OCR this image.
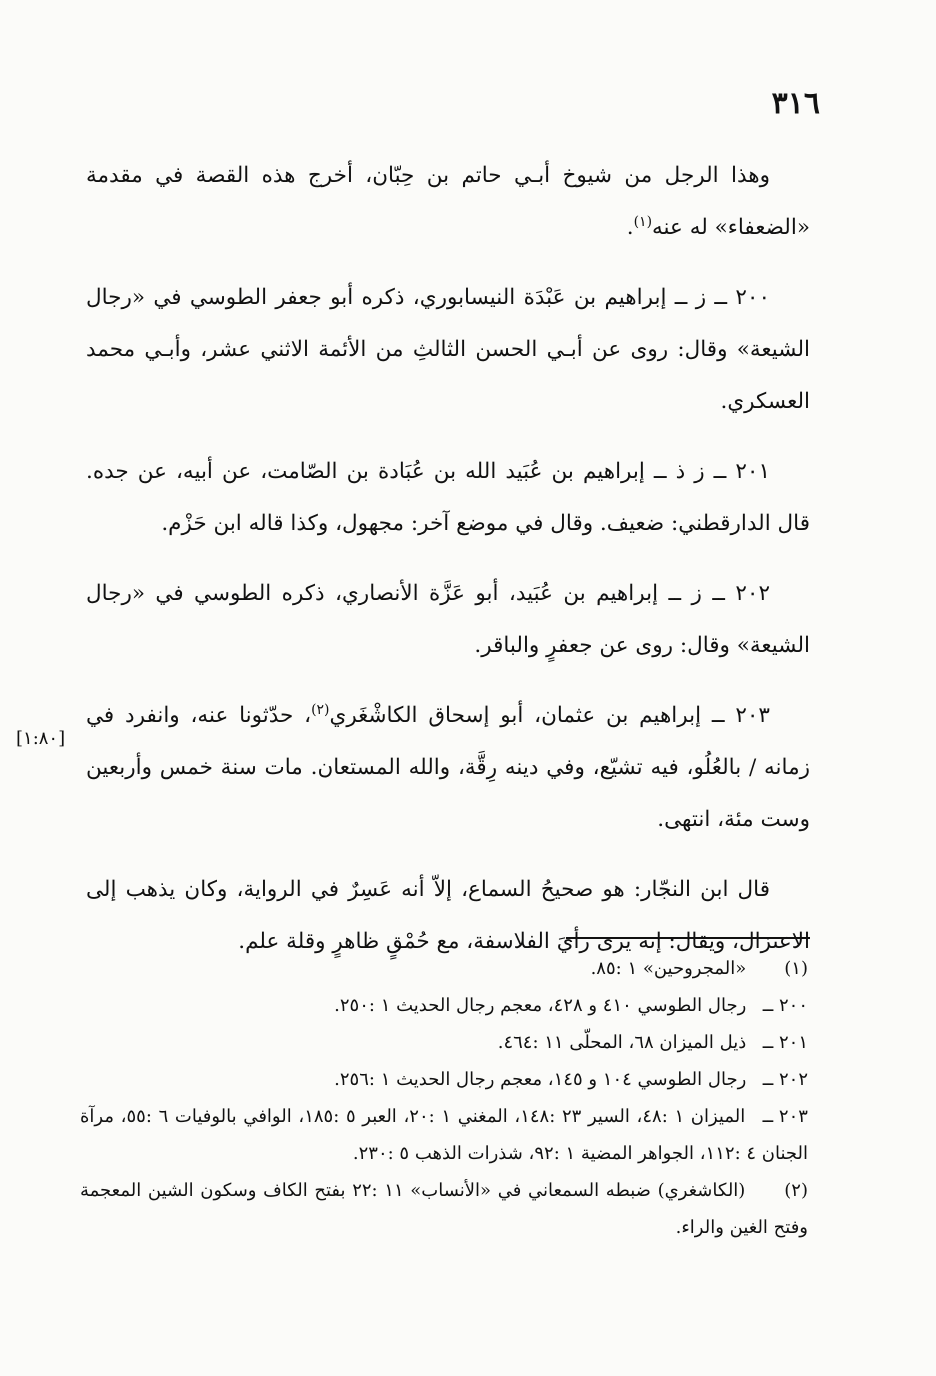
٣١٦

وهذا الرجل من شيوخ أبـي حاتم بن حِبّان، أخرج هذه القصة في مقدمة «الضعفاء» له عنه$^{(١)}$.

٢٠٠ ــ ز ــ إبراهيم بن عَبْدَة النيسابوري، ذكره أبو جعفر الطوسي في «رجال الشيعة» وقال: روى عن أبـي الحسن الثالثِ من الأئمة الاثني عشر، وأبـي محمد العسكري.

٢٠١ ــ ز ذ ــ إبراهيم بن عُبَيد الله بن عُبَادة بن الصّامت، عن أبيه، عن جده. قال الدارقطني: ضعيف. وقال في موضع آخر: مجهول، وكذا قاله ابن حَزْم.

٢٠٢ ــ ز ــ إبراهيم بن عُبَيد، أبو عَزَّة الأنصاري، ذكره الطوسي في «رجال الشيعة» وقال: روى عن جعفرٍ والباقر.

٢٠٣ ــ إبراهيم بن عثمان، أبو إسحاق الكاشْغَري$^{(٢)}$، حدّثونا عنه، وانفرد في زمانه / بالعُلُو، فيه تشيّع، وفي دينه رِقَّة، والله المستعان. مات سنة خمس وأربعين وست مئة، انتهى.

قال ابن النجّار: هو صحيحُ السماع، إلاّ أنه عَسِرٌ في الرواية، وكان يذهب إلى الاعتزال، ويقال: إنه يرى رأيَ الفلاسفة، مع حُمْقٍ ظاهرٍ وقلة علم.

[١:٨٠]

(١) «المجروحين» ١ :٨٥.

٢٠٠ ــ رجال الطوسي ٤١٠ و ٤٢٨، معجم رجال الحديث ١ :٢٥٠.

٢٠١ ــ ذيل الميزان ٦٨، المحلّى ١١ :٤٦٤.

٢٠٢ ــ رجال الطوسي ١٠٤ و ١٤٥، معجم رجال الحديث ١ :٢٥٦.

٢٠٣ ــ الميزان ١ :٤٨، السير ٢٣ :١٤٨، المغني ١ :٢٠، العبر ٥ :١٨٥، الوافي بالوفيات ٦ :٥٥، مرآة الجنان ٤ :١١٢، الجواهر المضية ١ :٩٢، شذرات الذهب ٥ :٢٣٠.

(٢) (الكاشغري) ضبطه السمعاني في «الأنساب» ١١ :٢٢ بفتح الكاف وسكون الشين المعجمة وفتح الغين والراء.
